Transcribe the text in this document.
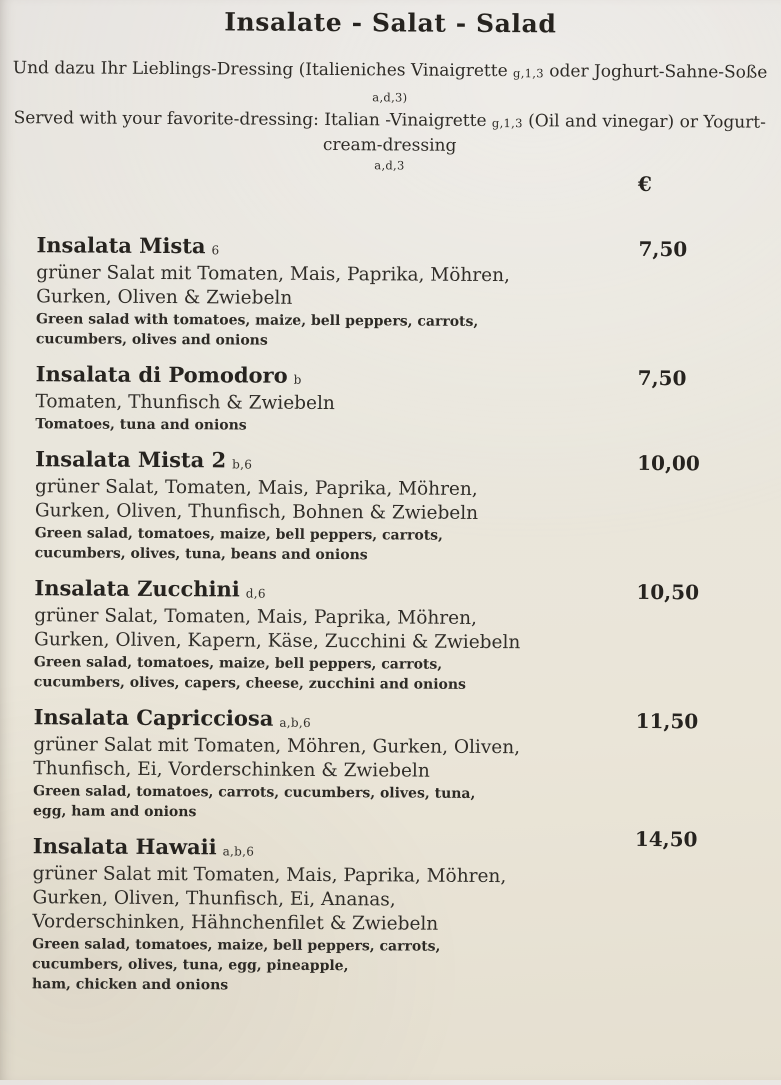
Insalate - Salat - Salad
Und dazu Ihr Lieblings-Dressing (Italieniches Vinaigrette g,1,3 oder Joghurt-Sahne-Soße a,d,3)
Served with your favorite-dressing: Italian -Vinaigrette g,1,3 (Oil and vinegar) or Yogurt-cream-dressing
a,d,3
€
Insalata Mista 6
grüner Salat mit Tomaten, Mais, Paprika, Möhren,
Gurken, Oliven & Zwiebeln
Green salad with tomatoes, maize, bell peppers, carrots,
cucumbers, olives and onions
7,50
Insalata di Pomodoro b
Tomaten, Thunfisch & Zwiebeln
Tomatoes, tuna and onions
7,50
Insalata Mista 2 b,6
grüner Salat, Tomaten, Mais, Paprika, Möhren,
Gurken, Oliven, Thunfisch, Bohnen & Zwiebeln
Green salad, tomatoes, maize, bell peppers, carrots,
cucumbers, olives, tuna, beans and onions
10,00
Insalata Zucchini d,6
grüner Salat, Tomaten, Mais, Paprika, Möhren,
Gurken, Oliven, Kapern, Käse, Zucchini & Zwiebeln
Green salad, tomatoes, maize, bell peppers, carrots,
cucumbers, olives, capers, cheese, zucchini and onions
10,50
Insalata Capricciosa a,b,6
grüner Salat mit Tomaten, Möhren, Gurken, Oliven,
Thunfisch, Ei, Vorderschinken & Zwiebeln
Green salad, tomatoes, carrots, cucumbers, olives, tuna,
egg, ham and onions
11,50
Insalata Hawaii a,b,6
grüner Salat mit Tomaten, Mais, Paprika, Möhren,
Gurken, Oliven, Thunfisch, Ei, Ananas,
Vorderschinken, Hähnchenfilet & Zwiebeln
Green salad, tomatoes, maize, bell peppers, carrots,
cucumbers, olives, tuna, egg, pineapple,
ham, chicken and onions
14,50
